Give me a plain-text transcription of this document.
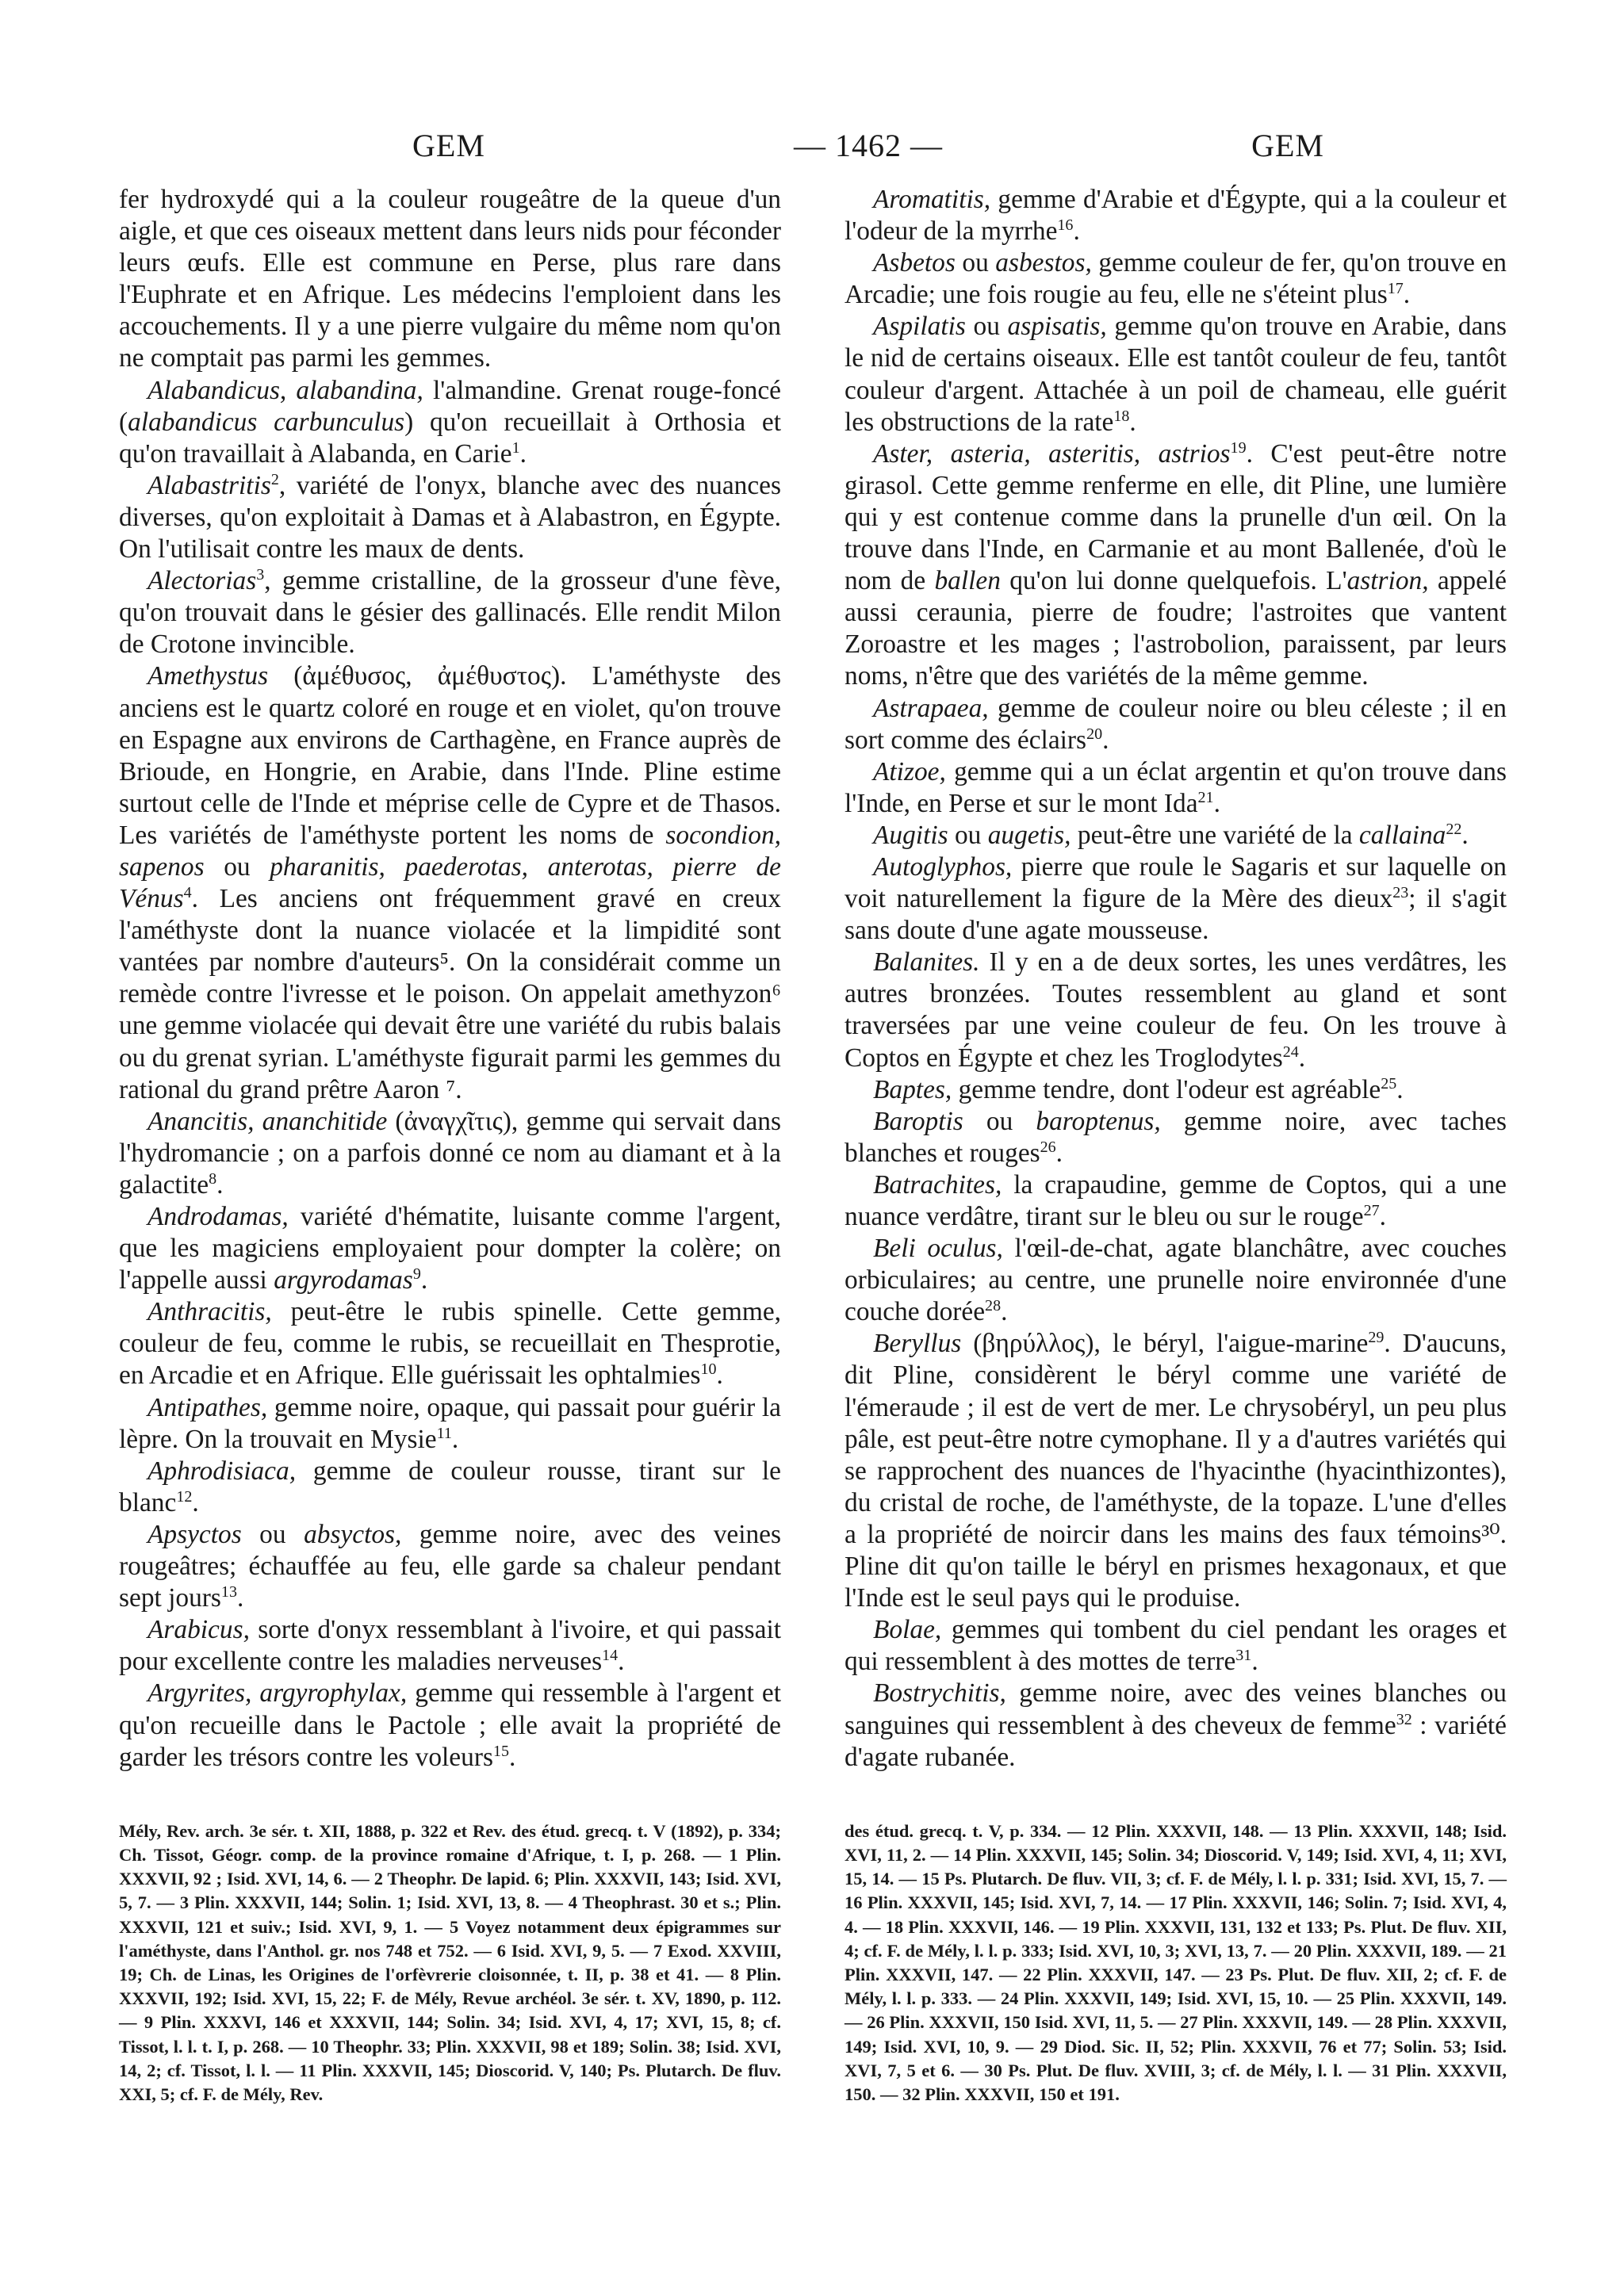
GEM	— 1462 —	GEM

fer hydroxydé qui a la couleur rougeâtre de la queue d'un aigle, et que ces oiseaux mettent dans leurs nids pour féconder leurs œufs. Elle est commune en Perse, plus rare dans l'Euphrate et en Afrique. Les médecins l'emploient dans les accouchements. Il y a une pierre vulgaire du même nom qu'on ne comptait pas parmi les gemmes.

Alabandicus, alabandina, l'almandine. Grenat rouge-foncé (alabandicus carbunculus) qu'on recueillait à Orthosia et qu'on travaillait à Alabanda, en Carie$^1$.

Alabastritis$^2$, variété de l'onyx, blanche avec des nuances diverses, qu'on exploitait à Damas et à Alabastron, en Égypte. On l'utilisait contre les maux de dents.

Alectorias$^3$, gemme cristalline, de la grosseur d'une fève, qu'on trouvait dans le gésier des gallinacés. Elle rendit Milon de Crotone invincible.

Amethystus (ἀμέθυσος, ἀμέθυστος). L'améthyste des anciens est le quartz coloré en rouge et en violet, qu'on trouve en Espagne aux environs de Carthagène, en France auprès de Brioude, en Hongrie, en Arabie, dans l'Inde. Pline estime surtout celle de l'Inde et méprise celle de Cypre et de Thasos. Les variétés de l'améthyste portent les noms de socondion, sapenos ou pharanitis, paederotas, anterotas, pierre de Vénus$^4$. Les anciens ont fréquemment gravé en creux l'améthyste dont la nuance violacée et la limpidité sont vantées par nombre d'auteurs⁵. On la considérait comme un remède contre l'ivresse et le poison. On appelait amethyzon⁶ une gemme violacée qui devait être une variété du rubis balais ou du grenat syrian. L'améthyste figurait parmi les gemmes du rational du grand prêtre Aaron ⁷.

Anancitis, ananchitide (ἀναγχῖτις), gemme qui servait dans l'hydromancie ; on a parfois donné ce nom au diamant et à la galactite$^8$.

Androdamas, variété d'hématite, luisante comme l'argent, que les magiciens employaient pour dompter la colère; on l'appelle aussi argyrodamas$^9$.

Anthracitis, peut-être le rubis spinelle. Cette gemme, couleur de feu, comme le rubis, se recueillait en Thesprotie, en Arcadie et en Afrique. Elle guérissait les ophtalmies$^{10}$.

Antipathes, gemme noire, opaque, qui passait pour guérir la lèpre. On la trouvait en Mysie$^{11}$.

Aphrodisiaca, gemme de couleur rousse, tirant sur le blanc$^{12}$.

Apsyctos ou absyctos, gemme noire, avec des veines rougeâtres; échauffée au feu, elle garde sa chaleur pendant sept jours$^{13}$.

Arabicus, sorte d'onyx ressemblant à l'ivoire, et qui passait pour excellente contre les maladies nerveuses$^{14}$.

Argyrites, argyrophylax, gemme qui ressemble à l'argent et qu'on recueille dans le Pactole ; elle avait la propriété de garder les trésors contre les voleurs$^{15}$.

Aromatitis, gemme d'Arabie et d'Égypte, qui a la couleur et l'odeur de la myrrhe$^{16}$.

Asbetos ou asbestos, gemme couleur de fer, qu'on trouve en Arcadie; une fois rougie au feu, elle ne s'éteint plus$^{17}$.

Aspilatis ou aspisatis, gemme qu'on trouve en Arabie, dans le nid de certains oiseaux. Elle est tantôt couleur de feu, tantôt couleur d'argent. Attachée à un poil de chameau, elle guérit les obstructions de la rate$^{18}$.

Aster, asteria, asteritis, astrios$^{19}$. C'est peut-être notre girasol. Cette gemme renferme en elle, dit Pline, une lumière qui y est contenue comme dans la prunelle d'un œil. On la trouve dans l'Inde, en Carmanie et au mont Ballenée, d'où le nom de ballen qu'on lui donne quelquefois. L'astrion, appelé aussi ceraunia, pierre de foudre; l'astroites que vantent Zoroastre et les mages ; l'astrobolion, paraissent, par leurs noms, n'être que des variétés de la même gemme.

Astrapaea, gemme de couleur noire ou bleu céleste ; il en sort comme des éclairs$^{20}$.

Atizoe, gemme qui a un éclat argentin et qu'on trouve dans l'Inde, en Perse et sur le mont Ida$^{21}$.

Augitis ou augetis, peut-être une variété de la callaina$^{22}$.

Autoglyphos, pierre que roule le Sagaris et sur laquelle on voit naturellement la figure de la Mère des dieux$^{23}$; il s'agit sans doute d'une agate mousseuse.

Balanites. Il y en a de deux sortes, les unes verdâtres, les autres bronzées. Toutes ressemblent au gland et sont traversées par une veine couleur de feu. On les trouve à Coptos en Égypte et chez les Troglodytes$^{24}$.

Baptes, gemme tendre, dont l'odeur est agréable$^{25}$.

Baroptis ou baroptenus, gemme noire, avec taches blanches et rouges$^{26}$.

Batrachites, la crapaudine, gemme de Coptos, qui a une nuance verdâtre, tirant sur le bleu ou sur le rouge$^{27}$.

Beli oculus, l'œil-de-chat, agate blanchâtre, avec couches orbiculaires; au centre, une prunelle noire environnée d'une couche dorée$^{28}$.

Beryllus (βηρύλλος), le béryl, l'aigue-marine$^{29}$. D'aucuns, dit Pline, considèrent le béryl comme une variété de l'émeraude ; il est de vert de mer. Le chrysobéryl, un peu plus pâle, est peut-être notre cymophane. Il y a d'autres variétés qui se rapprochent des nuances de l'hyacinthe (hyacinthizontes), du cristal de roche, de l'améthyste, de la topaze. L'une d'elles a la propriété de noircir dans les mains des faux témoins³⁰. Pline dit qu'on taille le béryl en prismes hexagonaux, et que l'Inde est le seul pays qui le produise.

Bolae, gemmes qui tombent du ciel pendant les orages et qui ressemblent à des mottes de terre$^{31}$.

Bostrychitis, gemme noire, avec des veines blanches ou sanguines qui ressemblent à des cheveux de femme$^{32}$ : variété d'agate rubanée.

Mély, Rev. arch. 3e sér. t. XII, 1888, p. 322 et Rev. des étud. grecq. t. V (1892), p. 334; Ch. Tissot, Géogr. comp. de la province romaine d'Afrique, t. I, p. 268. — 1 Plin. XXXVII, 92 ; Isid. XVI, 14, 6. — 2 Theophr. De lapid. 6; Plin. XXXVII, 143; Isid. XVI, 5, 7. — 3 Plin. XXXVII, 144; Solin. 1; Isid. XVI, 13, 8. — 4 Theophrast. 30 et s.; Plin. XXXVII, 121 et suiv.; Isid. XVI, 9, 1. — 5 Voyez notamment deux épigrammes sur l'améthyste, dans l'Anthol. gr. nos 748 et 752. — 6 Isid. XVI, 9, 5. — 7 Exod. XXVIII, 19; Ch. de Linas, les Origines de l'orfèvrerie cloisonnée, t. II, p. 38 et 41. — 8 Plin. XXXVII, 192; Isid. XVI, 15, 22; F. de Mély, Revue archéol. 3e sér. t. XV, 1890, p. 112. — 9 Plin. XXXVI, 146 et XXXVII, 144; Solin. 34; Isid. XVI, 4, 17; XVI, 15, 8; cf. Tissot, l. l. t. I, p. 268. — 10 Theophr. 33; Plin. XXXVII, 98 et 189; Solin. 38; Isid. XVI, 14, 2; cf. Tissot, l. l. — 11 Plin. XXXVII, 145; Dioscorid. V, 140; Ps. Plutarch. De fluv. XXI, 5; cf. F. de Mély, Rev.
des étud. grecq. t. V, p. 334. — 12 Plin. XXXVII, 148. — 13 Plin. XXXVII, 148; Isid. XVI, 11, 2. — 14 Plin. XXXVII, 145; Solin. 34; Dioscorid. V, 149; Isid. XVI, 4, 11; XVI, 15, 14. — 15 Ps. Plutarch. De fluv. VII, 3; cf. F. de Mély, l. l. p. 331; Isid. XVI, 15, 7. — 16 Plin. XXXVII, 145; Isid. XVI, 7, 14. — 17 Plin. XXXVII, 146; Solin. 7; Isid. XVI, 4, 4. — 18 Plin. XXXVII, 146. — 19 Plin. XXXVII, 131, 132 et 133; Ps. Plut. De fluv. XII, 4; cf. F. de Mély, l. l. p. 333; Isid. XVI, 10, 3; XVI, 13, 7. — 20 Plin. XXXVII, 189. — 21 Plin. XXXVII, 147. — 22 Plin. XXXVII, 147. — 23 Ps. Plut. De fluv. XII, 2; cf. F. de Mély, l. l. p. 333. — 24 Plin. XXXVII, 149; Isid. XVI, 15, 10. — 25 Plin. XXXVII, 149. — 26 Plin. XXXVII, 150 Isid. XVI, 11, 5. — 27 Plin. XXXVII, 149. — 28 Plin. XXXVII, 149; Isid. XVI, 10, 9. — 29 Diod. Sic. II, 52; Plin. XXXVII, 76 et 77; Solin. 53; Isid. XVI, 7, 5 et 6. — 30 Ps. Plut. De fluv. XVIII, 3; cf. de Mély, l. l. — 31 Plin. XXXVII, 150. — 32 Plin. XXXVII, 150 et 191.
